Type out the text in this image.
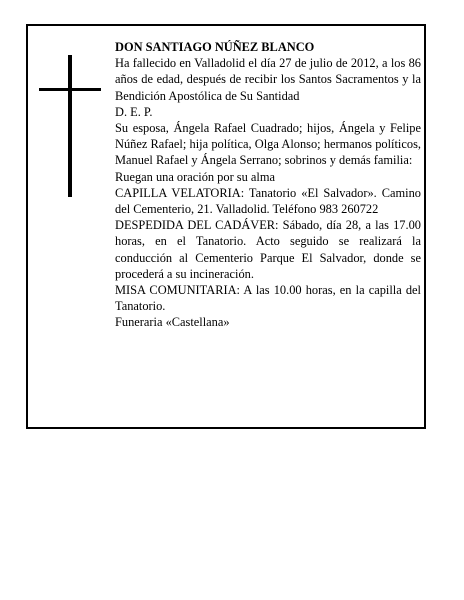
DON SANTIAGO NÚÑEZ BLANCO

Ha fallecido en Valladolid el día 27 de julio de 2012, a los 86 años de edad, después de recibir los Santos Sacramentos y la Bendición Apostólica de Su Santidad

D. E. P.

Su esposa, Ángela Rafael Cuadrado; hijos, Ángela y Felipe Núñez Rafael; hija política, Olga Alonso; hermanos políticos, Manuel Rafael y Ángela Serrano; sobrinos y demás familia:

Ruegan una oración por su alma

CAPILLA VELATORIA: Tanatorio «El Salvador». Camino del Cementerio, 21. Valladolid. Teléfono 983 260722

DESPEDIDA DEL CADÁVER: Sábado, día 28, a las 17.00 horas, en el Tanatorio. Acto seguido se realizará la conducción al Cementerio Parque El Salvador, donde se procederá a su incineración.

MISA COMUNITARIA: A las 10.00 horas, en la capilla del Tanatorio.

Funeraria «Castellana»
